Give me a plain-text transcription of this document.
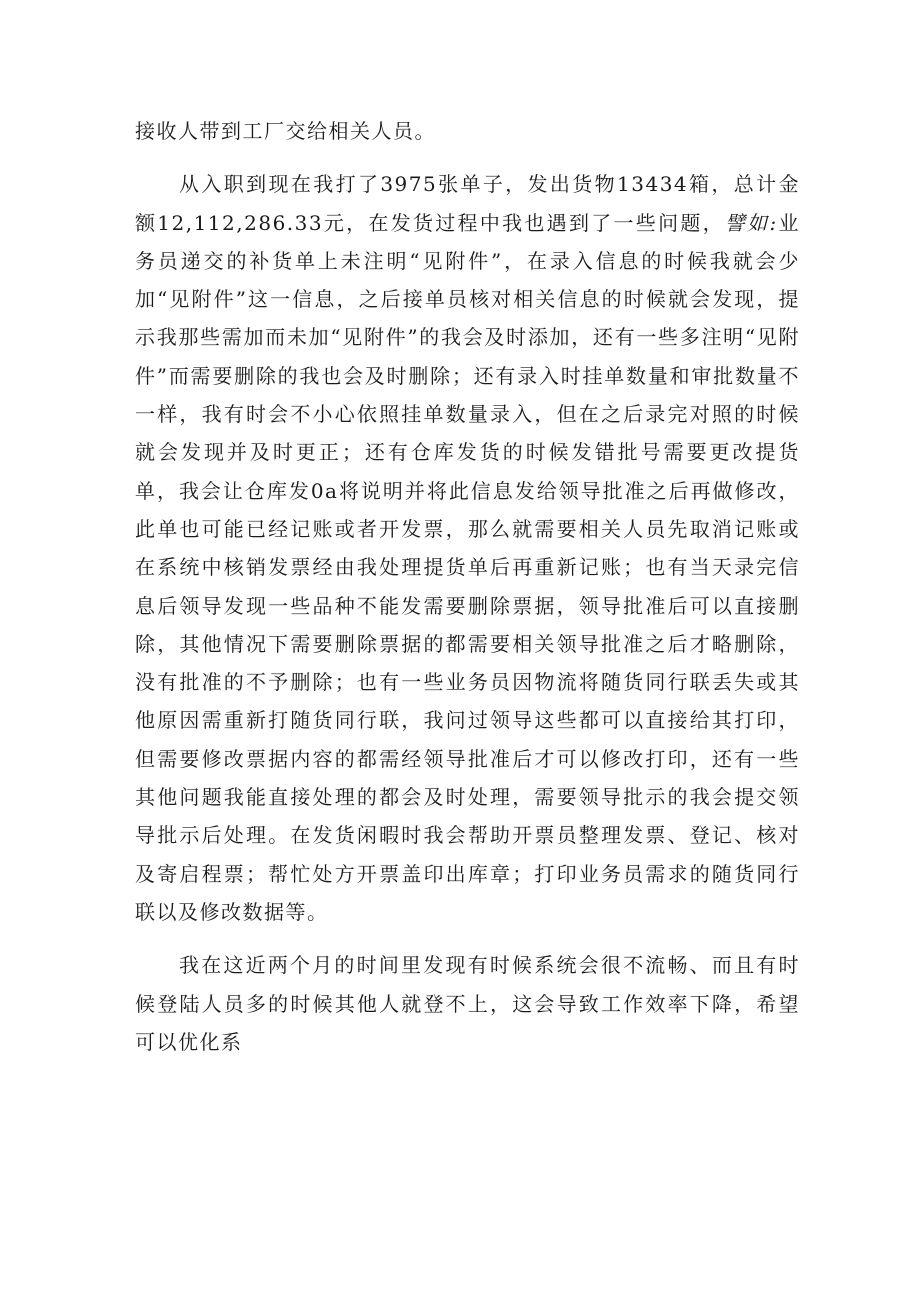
接收人带到工厂交给相关人员。

从入职到现在我打了3975张单子，发出货物13434箱，总计金额12,112,286.33元，在发货过程中我也遇到了一些问题，譬如:业务员递交的补货单上未注明“见附件”，在录入信息的时候我就会少加“见附件”这一信息，之后接单员核对相关信息的时候就会发现，提示我那些需加而未加“见附件”的我会及时添加，还有一些多注明“见附件”而需要删除的我也会及时删除；还有录入时挂单数量和审批数量不一样，我有时会不小心依照挂单数量录入，但在之后录完对照的时候就会发现并及时更正；还有仓库发货的时候发错批号需要更改提货单，我会让仓库发0a将说明并将此信息发给领导批准之后再做修改，此单也可能已经记账或者开发票，那么就需要相关人员先取消记账或在系统中核销发票经由我处理提货单后再重新记账；也有当天录完信息后领导发现一些品种不能发需要删除票据，领导批准后可以直接删除，其他情况下需要删除票据的都需要相关领导批准之后才略删除，没有批准的不予删除；也有一些业务员因物流将随货同行联丢失或其他原因需重新打随货同行联，我问过领导这些都可以直接给其打印，但需要修改票据内容的都需经领导批准后才可以修改打印，还有一些其他问题我能直接处理的都会及时处理，需要领导批示的我会提交领导批示后处理。在发货闲暇时我会帮助开票员整理发票、登记、核对及寄启程票；帮忙处方开票盖印出库章；打印业务员需求的随货同行联以及修改数据等。

我在这近两个月的时间里发现有时候系统会很不流畅、而且有时候登陆人员多的时候其他人就登不上，这会导致工作效率下降，希望可以优化系
